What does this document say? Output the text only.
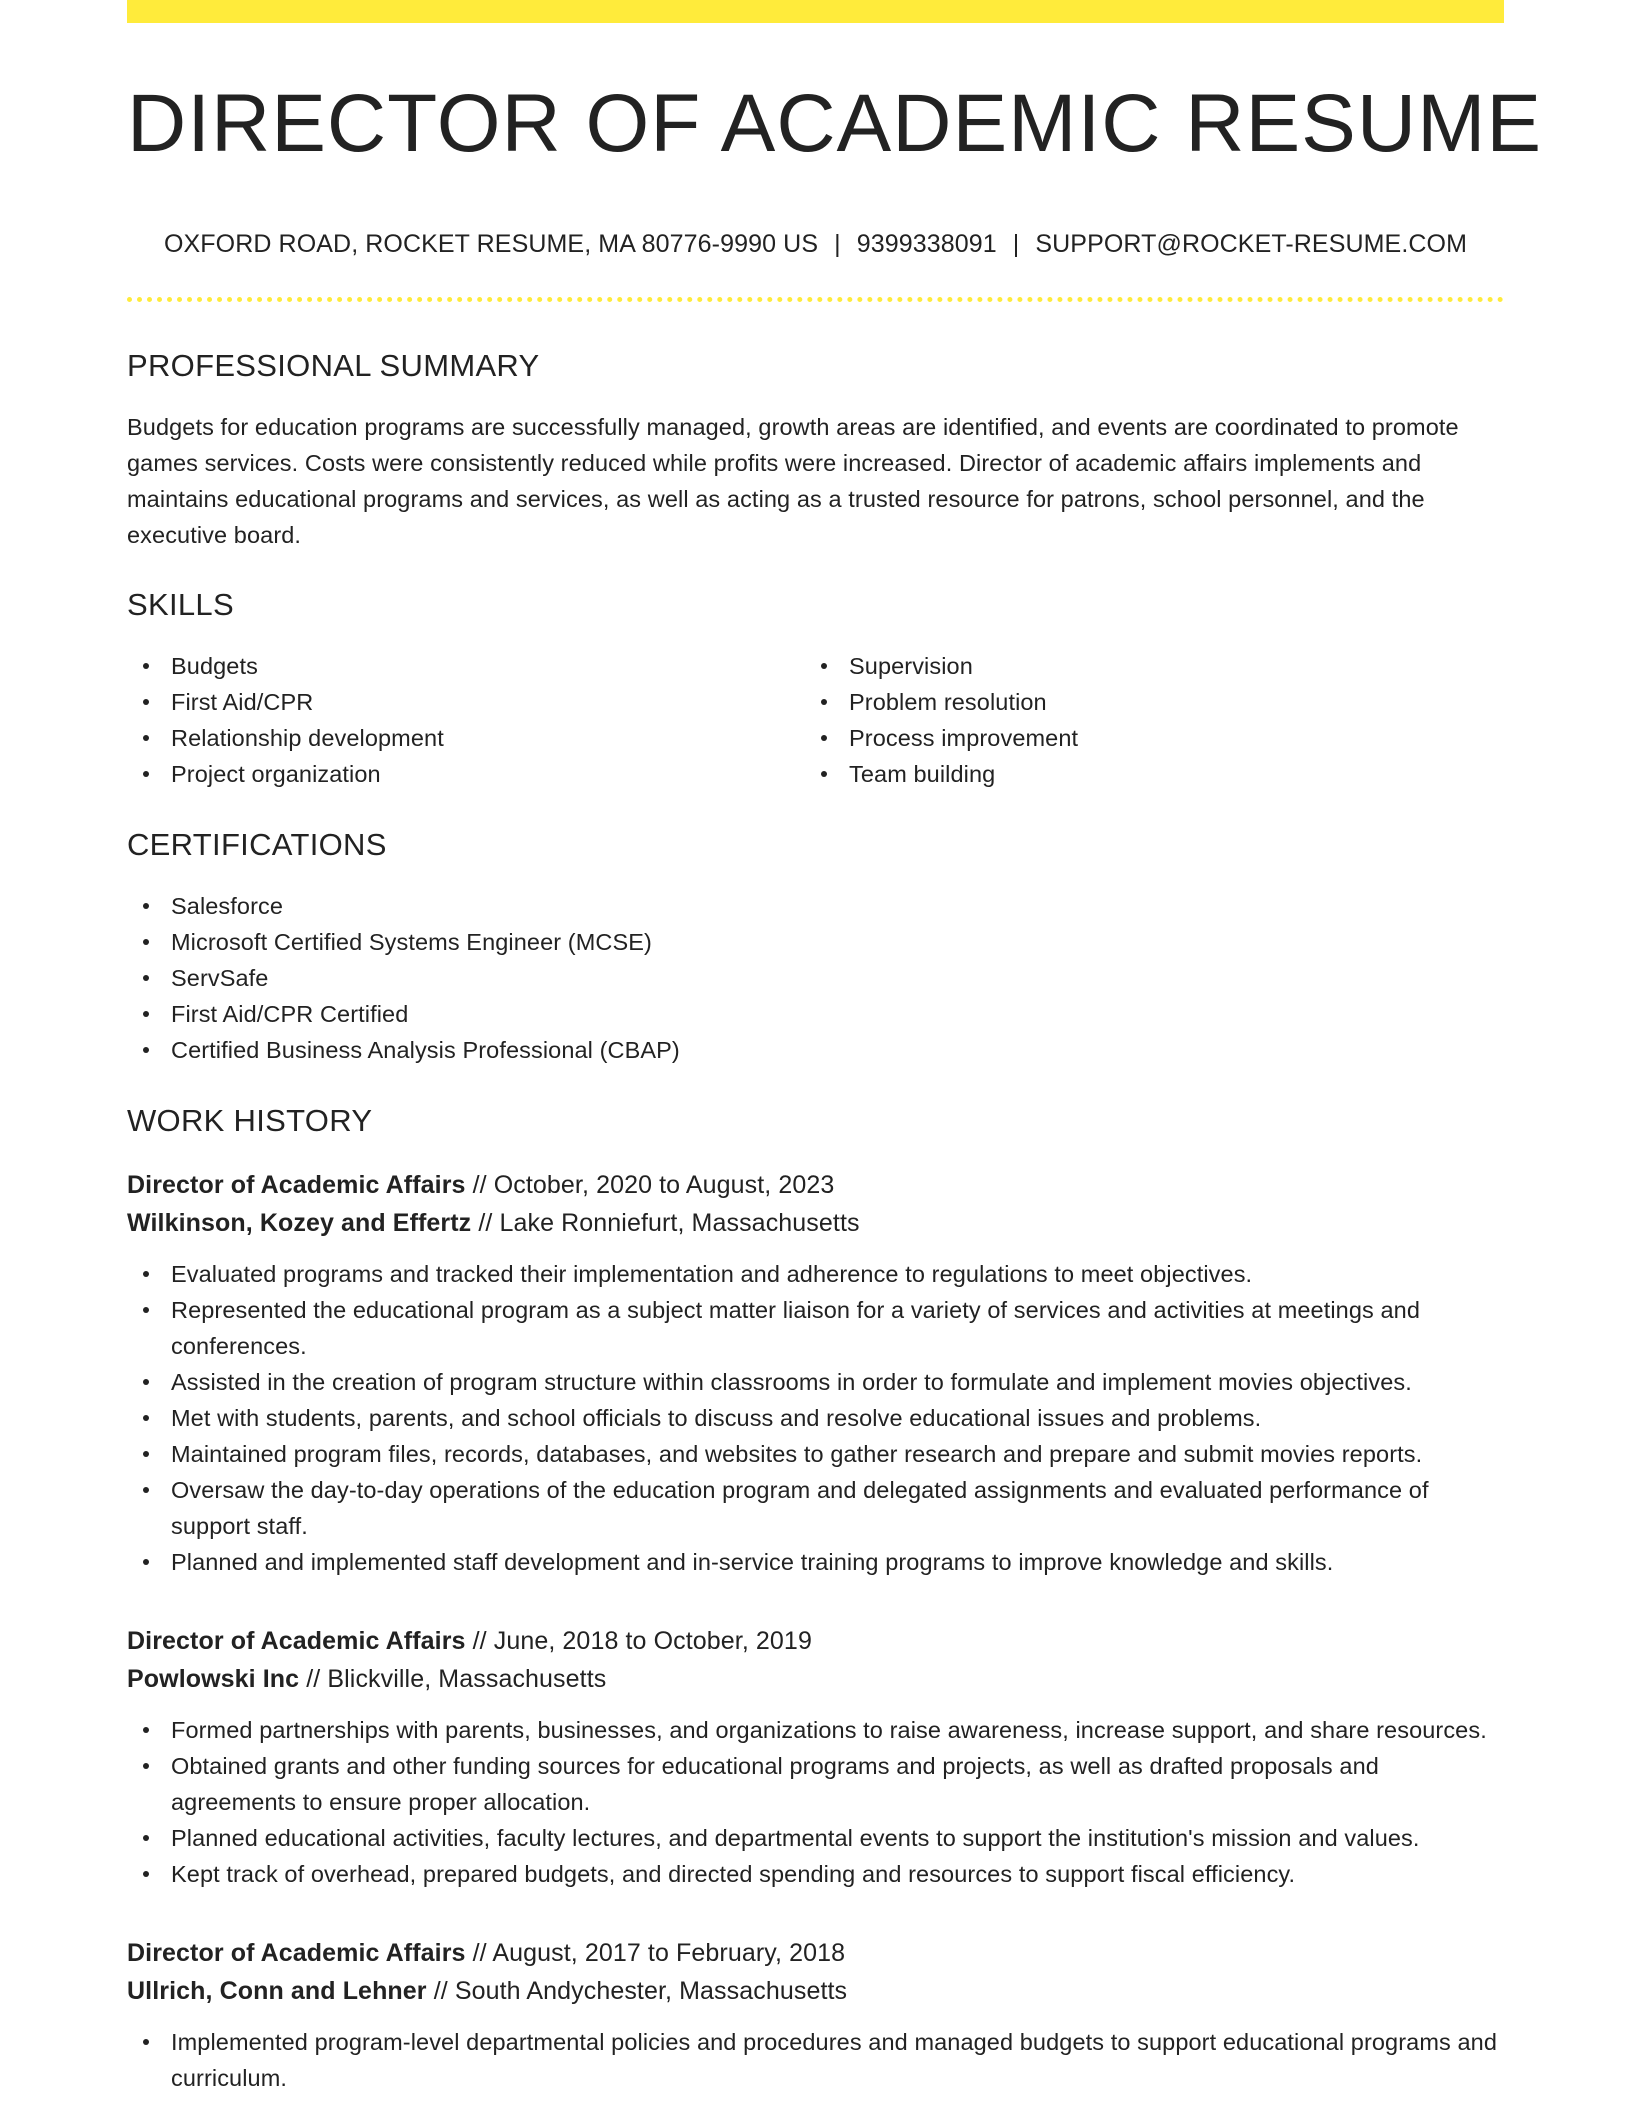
DIRECTOR OF ACADEMIC RESUME
OXFORD ROAD, ROCKET RESUME, MA 80776-9990 US | 9399338091 | SUPPORT@ROCKET-RESUME.COM
PROFESSIONAL SUMMARY

Budgets for education programs are successfully managed, growth areas are identified, and events are coordinated to promote games services. Costs were consistently reduced while profits were increased. Director of academic affairs implements and maintains educational programs and services, as well as acting as a trusted resource for patrons, school personnel, and the executive board.

SKILLS
Budgets
First Aid/CPR
Relationship development
Project organization
Supervision
Problem resolution
Process improvement
Team building
CERTIFICATIONS
Salesforce
Microsoft Certified Systems Engineer (MCSE)
ServSafe
First Aid/CPR Certified
Certified Business Analysis Professional (CBAP)
WORK HISTORY
Director of Academic Affairs // October, 2020 to August, 2023
Wilkinson, Kozey and Effertz // Lake Ronniefurt, Massachusetts
Evaluated programs and tracked their implementation and adherence to regulations to meet objectives.
Represented the educational program as a subject matter liaison for a variety of services and activities at meetings and conferences.
Assisted in the creation of program structure within classrooms in order to formulate and implement movies objectives.
Met with students, parents, and school officials to discuss and resolve educational issues and problems.
Maintained program files, records, databases, and websites to gather research and prepare and submit movies reports.
Oversaw the day-to-day operations of the education program and delegated assignments and evaluated performance of support staff.
Planned and implemented staff development and in-service training programs to improve knowledge and skills.
Director of Academic Affairs // June, 2018 to October, 2019
Powlowski Inc // Blickville, Massachusetts
Formed partnerships with parents, businesses, and organizations to raise awareness, increase support, and share resources.
Obtained grants and other funding sources for educational programs and projects, as well as drafted proposals and agreements to ensure proper allocation.
Planned educational activities, faculty lectures, and departmental events to support the institution's mission and values.
Kept track of overhead, prepared budgets, and directed spending and resources to support fiscal efficiency.
Director of Academic Affairs // August, 2017 to February, 2018
Ullrich, Conn and Lehner // South Andychester, Massachusetts
Implemented program-level departmental policies and procedures and managed budgets to support educational programs and curriculum.
